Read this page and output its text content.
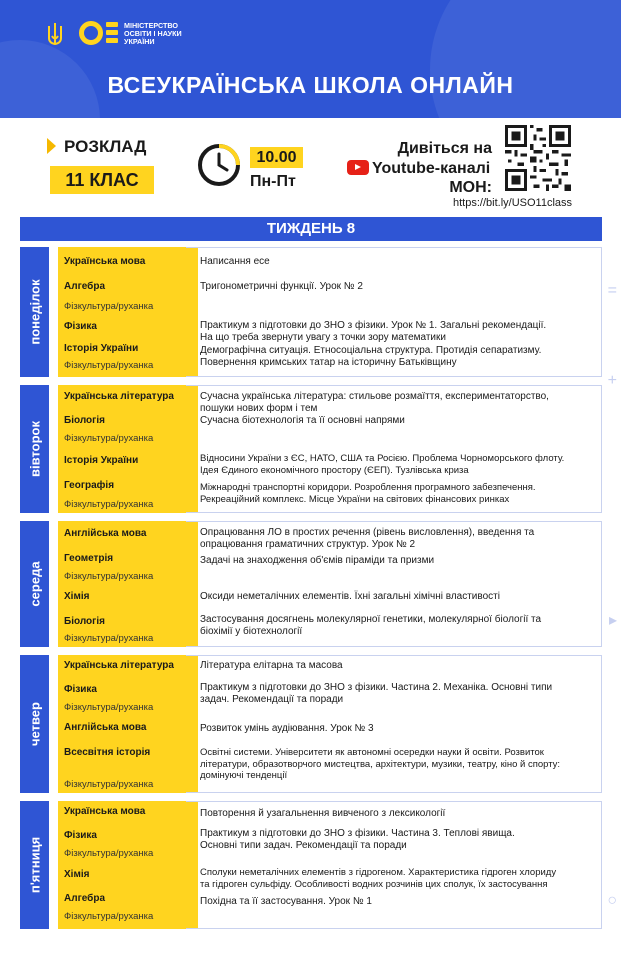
МІНІСТЕРСТВО
ОСВІТИ І НАУКИ
УКРАЇНИ
ВСЕУКРАЇНСЬКА ШКОЛА ОНЛАЙН
РОЗКЛАД
11 КЛАС
10.00
Пн-Пт
Дивіться на
Youtube-каналі
МОН:
https://bit.ly/USO11class
ТИЖДЕНЬ 8
понеділок
Українська мова
Алгебра
Фізкультура/руханка
Фізика
Історія України
Фізкультура/руханка
Написання есе
Тригонометричні функції. Урок № 2
Практикум з підготовки до ЗНО з фізики. Урок № 1. Загальні рекомендації.
На що треба звернути увагу з точки зору математики
Демографічна ситуація. Етносоціальна структура. Протидія сепаратизму.
Повернення кримських татар на історичну Батьківщину
вівторок
Українська література
Біологія
Фізкультура/руханка
Історія України
Географія
Фізкультура/руханка
Сучасна українська література: стильове розмаїття, експериментаторство,
пошуки нових форм і тем
Сучасна біотехнологія та її основні напрями
Відносини України з ЄС, НАТО, США та Росією. Проблема Чорноморського флоту.
Ідея Єдиного економічного простору (ЄЕП). Тузлівська криза
Міжнародні транспортні коридори. Розроблення програмного забезпечення.
Рекреаційний комплекс. Місце України на світових фінансових ринках
середа
Англійська мова
Геометрія
Фізкультура/руханка
Хімія
Біологія
Фізкультура/руханка
Опрацювання ЛО в простих речення (рівень висловлення), введення та
опрацювання граматичних структур. Урок № 2
Задачі на знаходження об'ємів піраміди та призми
Оксиди неметалічних елементів. Їхні загальні хімічні властивості
Застосування досягнень молекулярної генетики, молекулярної біології та
біохімії у біотехнології
четвер
Українська література
Фізика
Фізкультура/руханка
Англійська мова
Всесвітня історія
Фізкультура/руханка
Література елітарна та масова
Практикум з підготовки до ЗНО з фізики. Частина 2. Механіка. Основні типи
задач. Рекомендації та поради
Розвиток умінь аудіювання. Урок № 3
Освітні системи. Університети як автономні осередки науки й освіти. Розвиток
літератури, образотворчого мистецтва, архітектури, музики, театру, кіно й спорту:
домінуючі тенденції
п'ятниця
Українська мова
Фізика
Фізкультура/руханка
Хімія
Алгебра
Фізкультура/руханка
Повторення й узагальнення вивченого з лексикології
Практикум з підготовки до ЗНО з фізики. Частина 3. Теплові явища.
Основні типи задач. Рекомендації та поради
Сполуки неметалічних елементів з гідрогеном. Характеристика гідроген хлориду
та гідроген сульфіду. Особливості водних розчинів цих сполук, їх застосування
Похідна та її застосування. Урок № 1
=
+
▸
○
